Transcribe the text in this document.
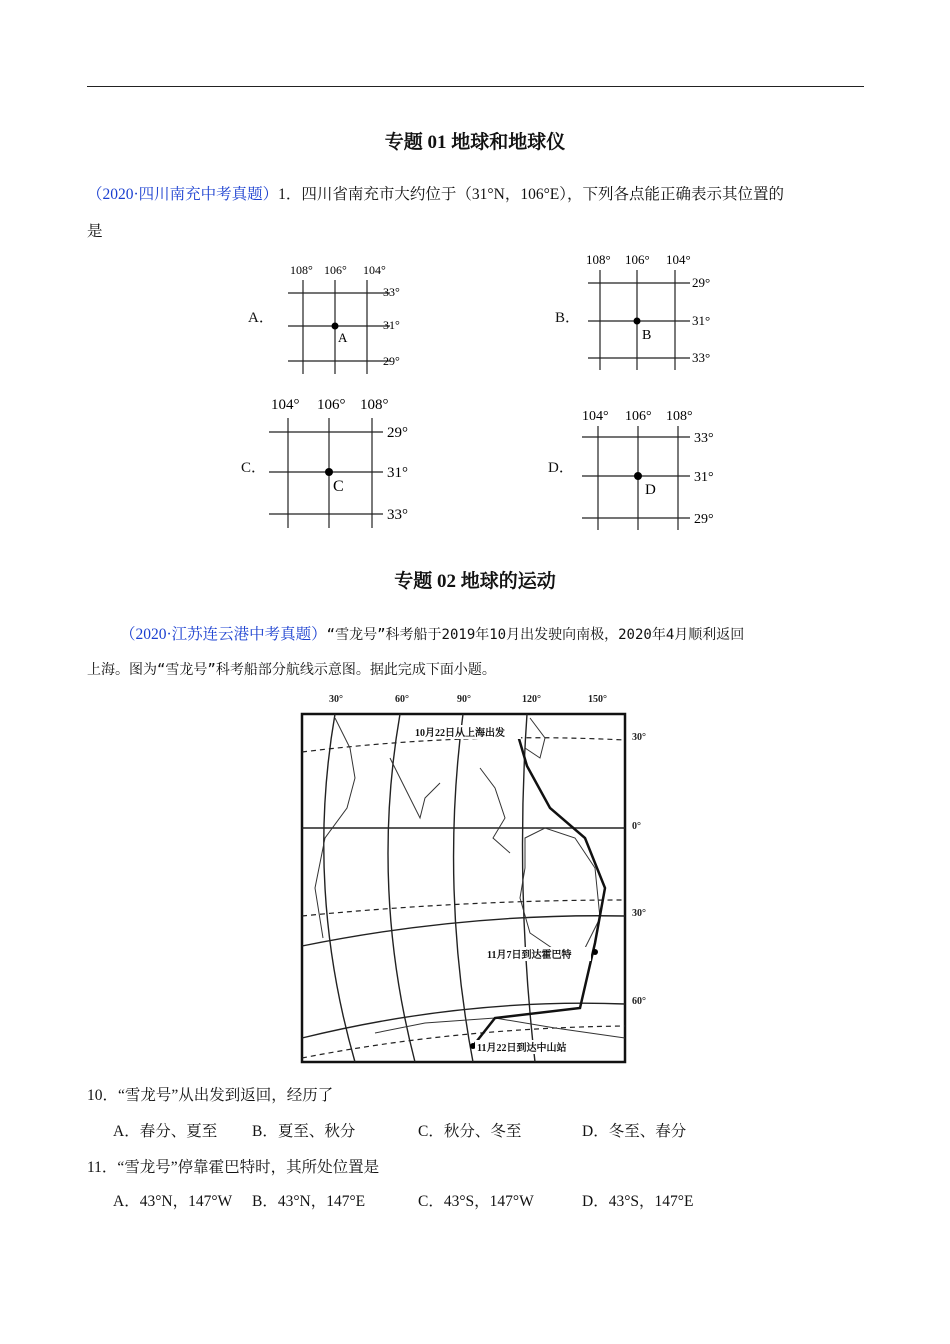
专题 01 地球和地球仪
（2020·四川南充中考真题）1．四川省南充市大约位于（31°N，106°E），下列各点能正确表示其位置的
是
A．
108° 106° 104°
33°
31°
29°
A
B．
108° 106° 104°
29°
31°
33°
B
C．
104° 106° 108°
29°
31°
33°
C
D．
104° 106° 108°
33°
31°
29°
D
专题 02 地球的运动
（2020·江苏连云港中考真题）“雪龙号”科考船于2019年10月出发驶向南极，2020年4月顺利返回
上海。图为“雪龙号”科考船部分航线示意图。据此完成下面小题。
30°	60°	90°	120°	150°
30°
0°
30°
60°
10月22日从上海出发
11月7日到达霍巴特
11月22日到达中山站
10．“雪龙号”从出发到返回，经历了
A．春分、夏至 B．夏至、秋分	C．秋分、冬至	D．冬至、春分
11．“雪龙号”停靠霍巴特时，其所处位置是
A．43°N，147°W B．43°N，147°E	C．43°S，147°W	D．43°S，147°E
